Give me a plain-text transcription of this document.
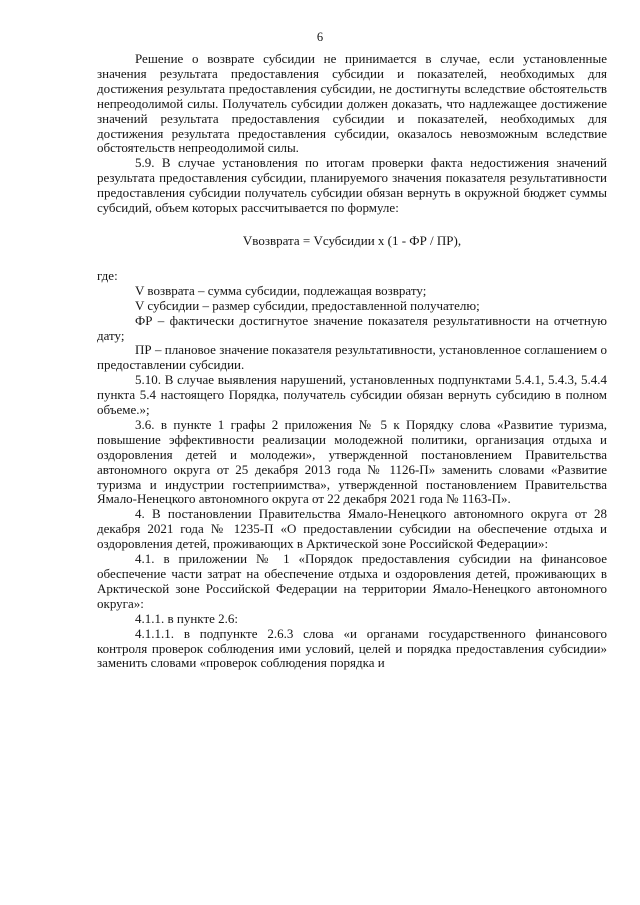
6

Решение о возврате субсидии не принимается в случае, если установленные значения результата предоставления субсидии и показателей, необходимых для достижения результата предоставления субсидии, не достигнуты вследствие обстоятельств непреодолимой силы. Получатель субсидии должен доказать, что надлежащее достижение значений результата предоставления субсидии и показателей, необходимых для достижения результата предоставления субсидии, оказалось невозможным вследствие обстоятельств непреодолимой силы.

5.9. В случае установления по итогам проверки факта недостижения значений результата предоставления субсидии, планируемого значения показателя результативности предоставления субсидии получатель субсидии обязан вернуть в окружной бюджет суммы субсидий, объем которых рассчитывается по формуле:

Vвозврата = Vсубсидии x (1 - ФР / ПР),

где:

V возврата – сумма субсидии, подлежащая возврату;

V субсидии – размер субсидии, предоставленной получателю;

ФР – фактически достигнутое значение показателя результативности на отчетную дату;

ПР – плановое значение показателя результативности, установленное соглашением о предоставлении субсидии.

5.10. В случае выявления нарушений, установленных подпунктами 5.4.1, 5.4.3, 5.4.4 пункта 5.4 настоящего Порядка, получатель субсидии обязан вернуть субсидию в полном объеме.»;

3.6. в пункте 1 графы 2 приложения № 5 к Порядку слова «Развитие туризма, повышение эффективности реализации молодежной политики, организация отдыха и оздоровления детей и молодежи», утвержденной постановлением Правительства автономного округа от 25 декабря 2013 года № 1126-П» заменить словами «Развитие туризма и индустрии гостеприимства», утвержденной постановлением Правительства Ямало-Ненецкого автономного округа от 22 декабря 2021 года № 1163-П».

4. В постановлении Правительства Ямало-Ненецкого автономного округа от 28 декабря 2021 года № 1235-П «О предоставлении субсидии на обеспечение отдыха и оздоровления детей, проживающих в Арктической зоне Российской Федерации»:

4.1. в приложении № 1 «Порядок предоставления субсидии на финансовое обеспечение части затрат на обеспечение отдыха и оздоровления детей, проживающих в Арктической зоне Российской Федерации на территории Ямало-Ненецкого автономного округа»:

4.1.1. в пункте 2.6:

4.1.1.1. в подпункте 2.6.3 слова «и органами государственного финансового контроля проверок соблюдения ими условий, целей и порядка предоставления субсидии» заменить словами «проверок соблюдения порядка и
